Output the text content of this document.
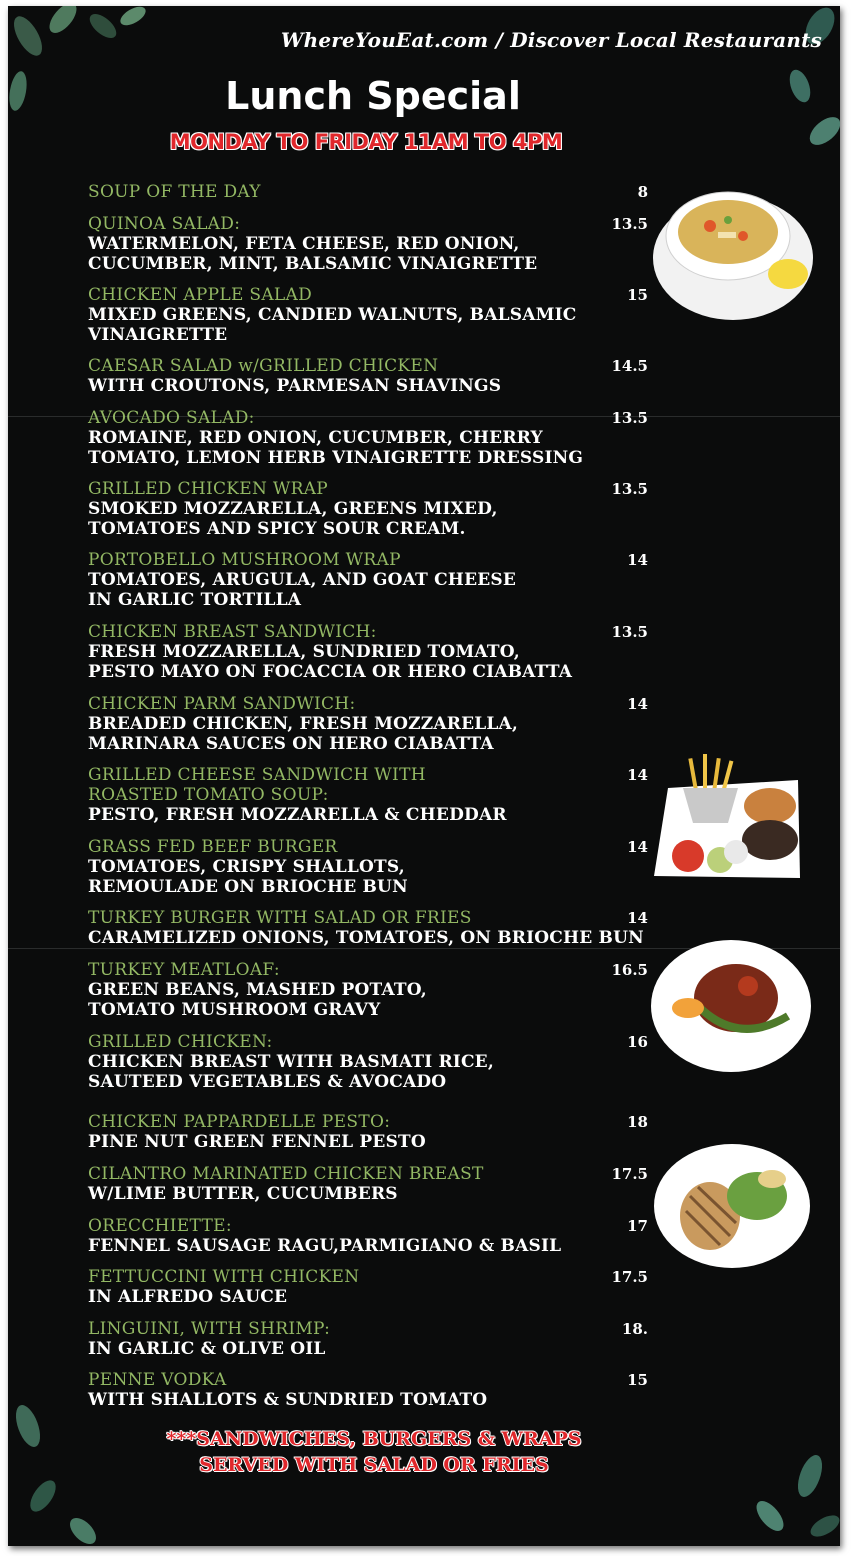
WhereYouEat.com / Discover Local Restaurants
Lunch Special
MONDAY TO FRIDAY 11AM TO 4PM
SOUP OF THE DAY	8
QUINOA SALAD:
WATERMELON, FETA CHEESE, RED ONION,
CUCUMBER, MINT, BALSAMIC VINAIGRETTE
13.5
CHICKEN APPLE SALAD
MIXED GREENS, CANDIED WALNUTS, BALSAMIC
VINAIGRETTE
15
CAESAR SALAD w/GRILLED CHICKEN
WITH CROUTONS, PARMESAN SHAVINGS
14.5
AVOCADO SALAD:
ROMAINE, RED ONION, CUCUMBER, CHERRY
TOMATO, LEMON HERB VINAIGRETTE DRESSING
13.5
GRILLED CHICKEN WRAP
SMOKED MOZZARELLA, GREENS MIXED,
TOMATOES AND SPICY SOUR CREAM.
13.5
PORTOBELLO MUSHROOM WRAP
TOMATOES, ARUGULA, AND GOAT CHEESE
IN GARLIC TORTILLA
14
CHICKEN BREAST SANDWICH:
FRESH MOZZARELLA, SUNDRIED TOMATO,
PESTO MAYO ON FOCACCIA OR HERO CIABATTA
13.5
CHICKEN PARM SANDWICH:
BREADED CHICKEN, FRESH MOZZARELLA,
MARINARA SAUCES ON HERO CIABATTA
14
GRILLED CHEESE SANDWICH WITH
ROASTED TOMATO SOUP:
PESTO, FRESH MOZZARELLA & CHEDDAR
14
GRASS FED BEEF BURGER
TOMATOES, CRISPY SHALLOTS,
REMOULADE ON BRIOCHE BUN
14
TURKEY BURGER WITH SALAD OR FRIES
CARAMELIZED ONIONS, TOMATOES, ON BRIOCHE BUN
14
TURKEY MEATLOAF:
GREEN BEANS, MASHED POTATO,
TOMATO MUSHROOM GRAVY
16.5
GRILLED CHICKEN:
CHICKEN BREAST WITH BASMATI RICE,
SAUTEED VEGETABLES & AVOCADO
16
CHICKEN PAPPARDELLE PESTO:
PINE NUT GREEN FENNEL PESTO
18
CILANTRO MARINATED CHICKEN BREAST
W/LIME BUTTER, CUCUMBERS
17.5
ORECCHIETTE:
FENNEL SAUSAGE RAGU,PARMIGIANO & BASIL
17
FETTUCCINI WITH CHICKEN
IN ALFREDO SAUCE
17.5
LINGUINI, WITH SHRIMP:
IN GARLIC & OLIVE OIL
18.
PENNE VODKA
WITH SHALLOTS & SUNDRIED TOMATO
15
***SANDWICHES, BURGERS & WRAPS
SERVED WITH SALAD OR FRIES
